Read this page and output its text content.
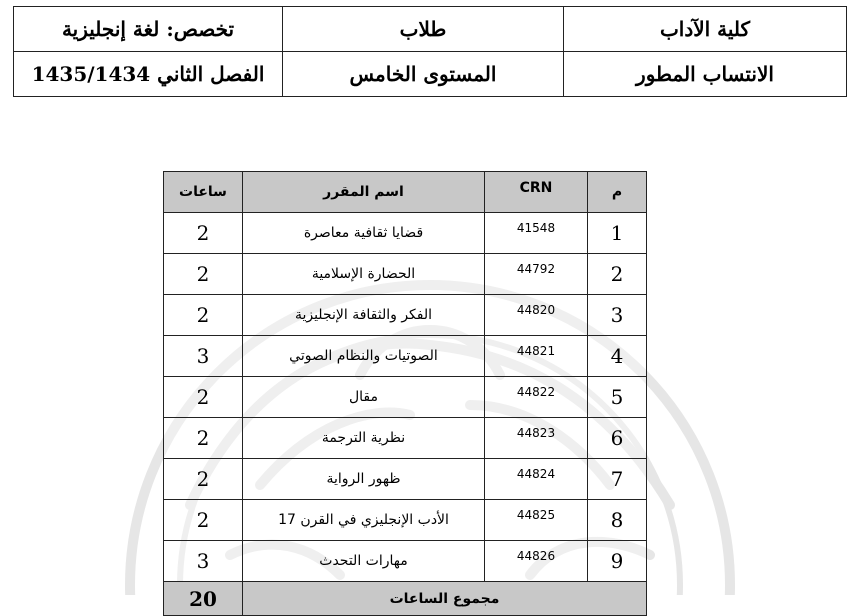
كلية الآداب	طلاب	تخصص: لغة إنجليزية
الانتساب المطور	المستوى الخامس	الفصل الثاني 1435/1434
م	CRN	اسم المقرر	ساعات
1	41548	قضايا ثقافية معاصرة	2
2	44792	الحضارة الإسلامية	2
3	44820	الفكر والثقافة الإنجليزية	2
4	44821	الصوتيات والنظام الصوتي	3
5	44822	مقال	2
6	44823	نظرية الترجمة	2
7	44824	ظهور الرواية	2
8	44825	الأدب الإنجليزي في القرن 17	2
9	44826	مهارات التحدث	3
مجموع الساعات			20
